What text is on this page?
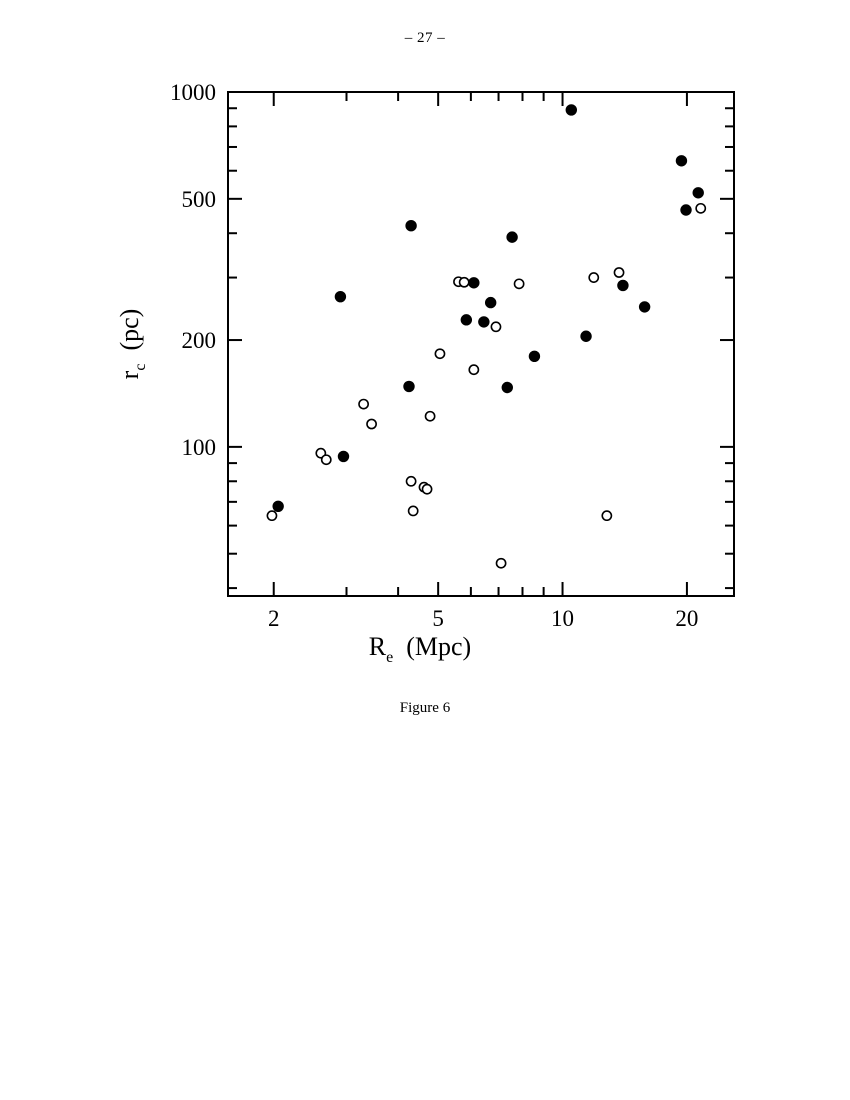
– 27 –
2	5	10	20
100
200
500
1000
$R_e$ (Mpc)
$r_c$  (pc)
Figure 6
